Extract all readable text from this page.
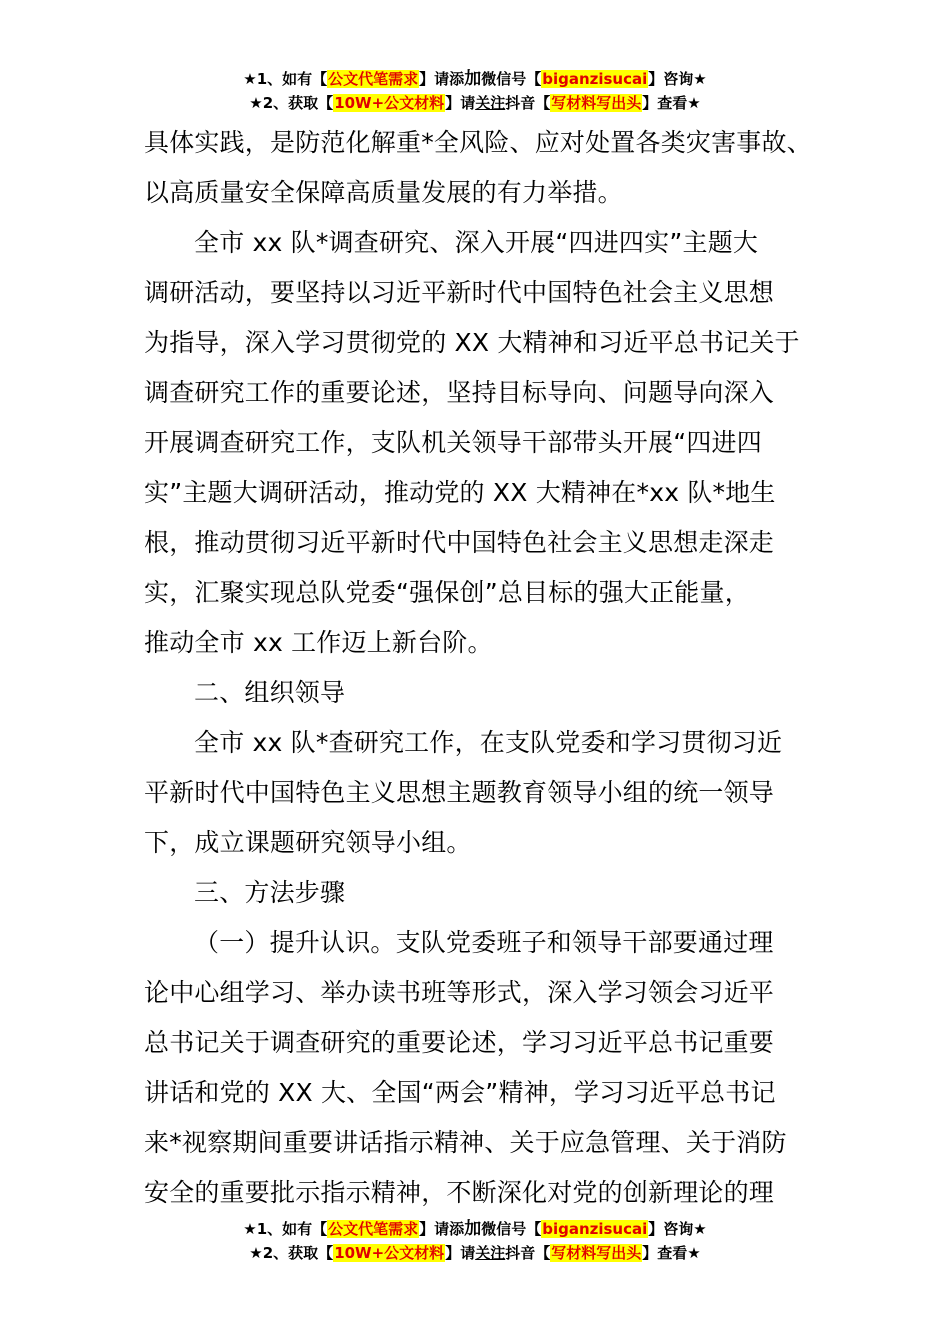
★1、如有【公文代笔需求】请添加微信号【biganzisucai】咨询★
★2、获取【10W+公文材料】请关注抖音【写材料写出头】查看★
具体实践，是防范化解重*全风险、应对处置各类灾害事故、
以高质量安全保障高质量发展的有力举措。
全市 xx 队*调查研究、深入开展“四进四实”主题大
调研活动，要坚持以习近平新时代中国特色社会主义思想
为指导，深入学习贯彻党的 XX 大精神和习近平总书记关于
调查研究工作的重要论述，坚持目标导向、问题导向深入
开展调查研究工作，支队机关领导干部带头开展“四进四
实”主题大调研活动，推动党的 XX 大精神在*xx 队*地生
根，推动贯彻习近平新时代中国特色社会主义思想走深走
实，汇聚实现总队党委“强保创”总目标的强大正能量，
推动全市 xx 工作迈上新台阶。
二、组织领导
全市 xx 队*查研究工作，在支队党委和学习贯彻习近
平新时代中国特色主义思想主题教育领导小组的统一领导
下，成立课题研究领导小组。
三、方法步骤
（一）提升认识。支队党委班子和领导干部要通过理
论中心组学习、举办读书班等形式，深入学习领会习近平
总书记关于调查研究的重要论述，学习习近平总书记重要
讲话和党的 XX 大、全国“两会”精神，学习习近平总书记
来*视察期间重要讲话指示精神、关于应急管理、关于消防
安全的重要批示指示精神，不断深化对党的创新理论的理
★1、如有【公文代笔需求】请添加微信号【biganzisucai】咨询★
★2、获取【10W+公文材料】请关注抖音【写材料写出头】查看★
